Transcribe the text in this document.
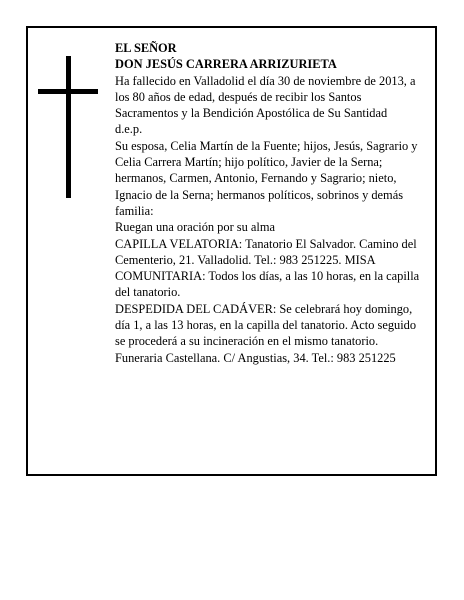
EL SEÑOR

DON JESÚS CARRERA ARRIZURIETA

Ha fallecido en Valladolid el día 30 de noviembre de 2013, a los 80 años de edad, después de recibir los Santos Sacramentos y la Bendición Apostólica de Su Santidad

d.e.p.

Su esposa, Celia Martín de la Fuente; hijos, Jesús, Sagrario y Celia Carrera Martín; hijo político, Javier de la Serna; hermanos, Carmen, Antonio, Fernando y Sagrario; nieto, Ignacio de la Serna; hermanos políticos, sobrinos y demás familia:

Ruegan una oración por su alma

CAPILLA VELATORIA: Tanatorio El Salvador. Camino del Cementerio, 21. Valladolid. Tel.: 983 251225. MISA COMUNITARIA: Todos los días, a las 10 horas, en la capilla del tanatorio.

DESPEDIDA DEL CADÁVER: Se celebrará hoy domingo, día 1, a las 13 horas, en la capilla del tanatorio. Acto seguido se procederá a su incineración en el mismo tanatorio.

Funeraria Castellana. C/ Angustias, 34. Tel.: 983 251225
